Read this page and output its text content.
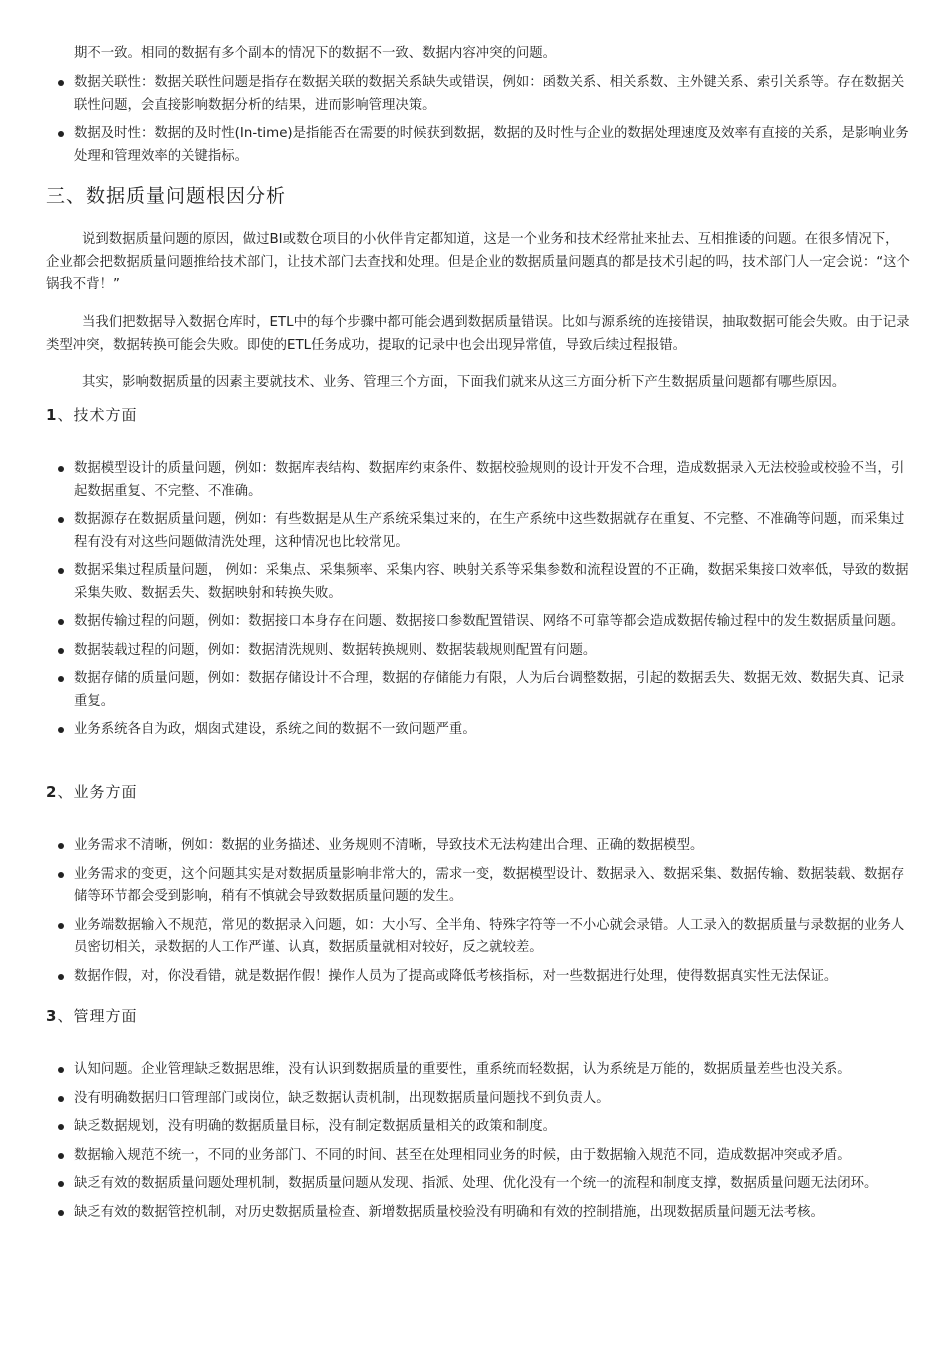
期不一致。相同的数据有多个副本的情况下的数据不一致、数据内容冲突的问题。

数据关联性：数据关联性问题是指存在数据关联的数据关系缺失或错误，例如：函数关系、相关系数、主外键关系、索引关系等。存在数据关联性问题，会直接影响数据分析的结果，进而影响管理决策。
数据及时性：数据的及时性(In-time)是指能否在需要的时候获到数据，数据的及时性与企业的数据处理速度及效率有直接的关系，是影响业务处理和管理效率的关键指标。
三、数据质量问题根因分析

说到数据质量问题的原因，做过BI或数仓项目的小伙伴肯定都知道，这是一个业务和技术经常扯来扯去、互相推诿的问题。在很多情况下，企业都会把数据质量问题推给技术部门，让技术部门去查找和处理。但是企业的数据质量问题真的都是技术引起的吗，技术部门人一定会说：“这个锅我不背！”

当我们把数据导入数据仓库时，ETL中的每个步骤中都可能会遇到数据质量错误。比如与源系统的连接错误，抽取数据可能会失败。由于记录类型冲突，数据转换可能会失败。即使的ETL任务成功，提取的记录中也会出现异常值，导致后续过程报错。

其实，影响数据质量的因素主要就技术、业务、管理三个方面，下面我们就来从这三方面分析下产生数据质量问题都有哪些原因。

1、技术方面
数据模型设计的质量问题，例如：数据库表结构、数据库约束条件、数据校验规则的设计开发不合理，造成数据录入无法校验或校验不当，引起数据重复、不完整、不准确。
数据源存在数据质量问题，例如：有些数据是从生产系统采集过来的，在生产系统中这些数据就存在重复、不完整、不准确等问题，而采集过程有没有对这些问题做清洗处理，这种情况也比较常见。
数据采集过程质量问题， 例如：采集点、采集频率、采集内容、映射关系等采集参数和流程设置的不正确，数据采集接口效率低，导致的数据采集失败、数据丢失、数据映射和转换失败。
数据传输过程的问题，例如：数据接口本身存在问题、数据接口参数配置错误、网络不可靠等都会造成数据传输过程中的发生数据质量问题。
数据装载过程的问题，例如：数据清洗规则、数据转换规则、数据装载规则配置有问题。
数据存储的质量问题，例如：数据存储设计不合理，数据的存储能力有限，人为后台调整数据，引起的数据丢失、数据无效、数据失真、记录重复。
业务系统各自为政，烟囱式建设，系统之间的数据不一致问题严重。
2、业务方面
业务需求不清晰，例如：数据的业务描述、业务规则不清晰，导致技术无法构建出合理、正确的数据模型。
业务需求的变更，这个问题其实是对数据质量影响非常大的，需求一变，数据模型设计、数据录入、数据采集、数据传输、数据装载、数据存储等环节都会受到影响，稍有不慎就会导致数据质量问题的发生。
业务端数据输入不规范，常见的数据录入问题，如：大小写、全半角、特殊字符等一不小心就会录错。人工录入的数据质量与录数据的业务人员密切相关，录数据的人工作严谨、认真，数据质量就相对较好，反之就较差。
数据作假，对，你没看错，就是数据作假！操作人员为了提高或降低考核指标，对一些数据进行处理，使得数据真实性无法保证。
3、管理方面
认知问题。企业管理缺乏数据思维，没有认识到数据质量的重要性，重系统而轻数据，认为系统是万能的，数据质量差些也没关系。
没有明确数据归口管理部门或岗位，缺乏数据认责机制，出现数据质量问题找不到负责人。
缺乏数据规划，没有明确的数据质量目标，没有制定数据质量相关的政策和制度。
数据输入规范不统一，不同的业务部门、不同的时间、甚至在处理相同业务的时候，由于数据输入规范不同，造成数据冲突或矛盾。
缺乏有效的数据质量问题处理机制，数据质量问题从发现、指派、处理、优化没有一个统一的流程和制度支撑，数据质量问题无法闭环。
缺乏有效的数据管控机制，对历史数据质量检查、新增数据质量校验没有明确和有效的控制措施，出现数据质量问题无法考核。
